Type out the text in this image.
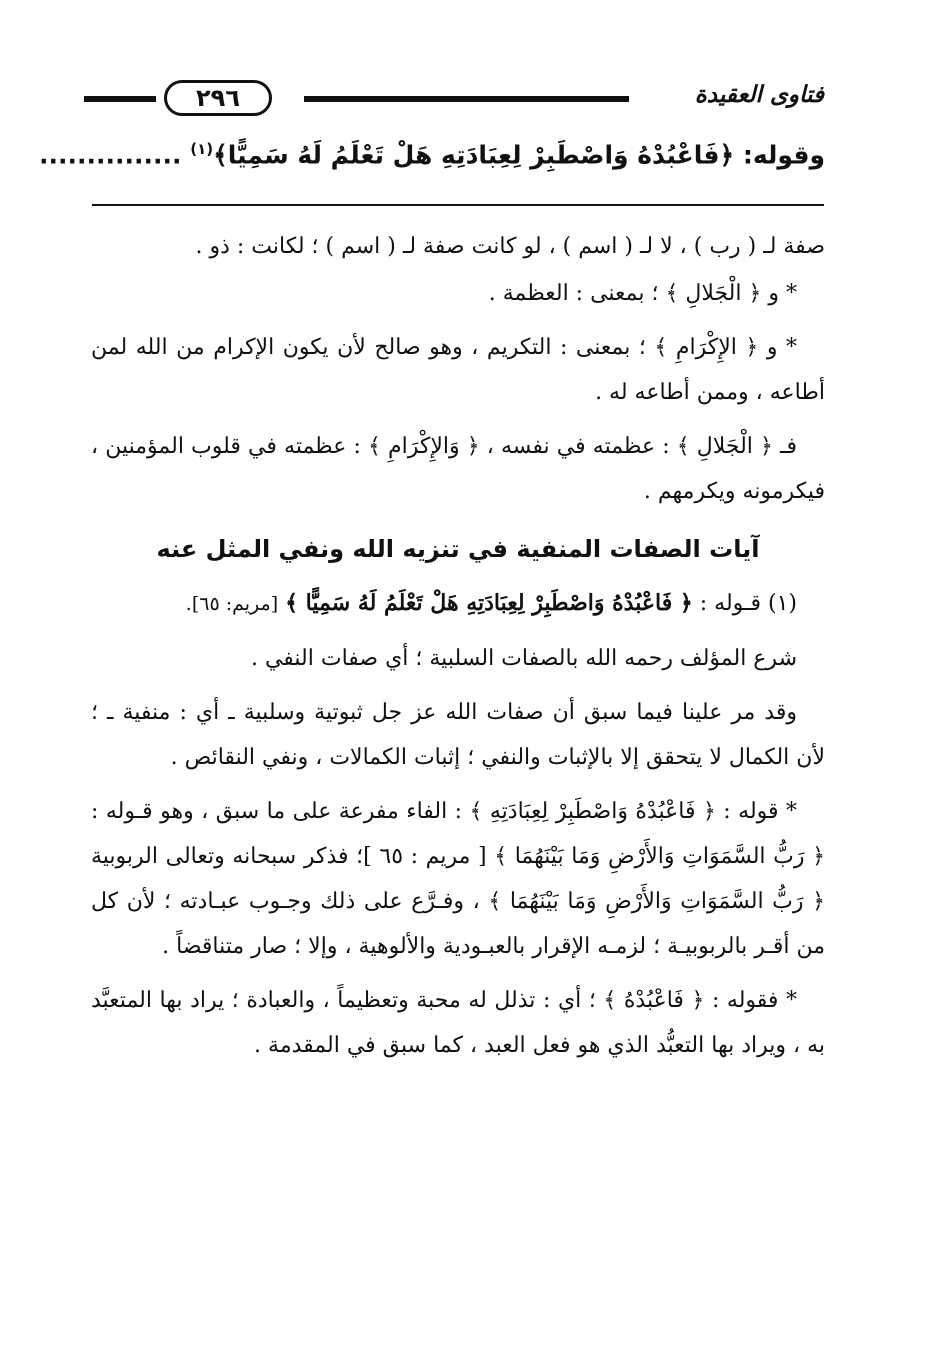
فتاوى العقيدة
٢٩٦
وقوله: ﴿فَاعْبُدْهُ وَاصْطَبِرْ لِعِبَادَتِهِ هَلْ تَعْلَمُ لَهُ سَمِيًّا﴾$^{(١)}$ ...............

صفة لـ ( رب ) ، لا لـ ( اسم ) ، لو كانت صفة لـ ( اسم ) ؛ لكانت : ذو .

* و ﴿ الْجَلالِ ﴾ ؛ بمعنى : العظمة .

* و ﴿ الإِكْرَامِ ﴾ ؛ بمعنى : التكريم ، وهو صالح لأن يكون الإكرام من الله لمن أطاعه ، وممن أطاعه له .

فـ ﴿ الْجَلالِ ﴾ : عظمته في نفسه ، ﴿ وَالإِكْرَامِ ﴾ : عظمته في قلوب المؤمنين ، فيكرمونه ويكرمهم .

آيات الصفات المنفية في تنزيه الله ونفي المثل عنه

(١) قـوله : ﴿ فَاعْبُدْهُ وَاصْطَبِرْ لِعِبَادَتِهِ هَلْ تَعْلَمُ لَهُ سَمِيًّا ﴾ [مريم: ٦٥].

شرع المؤلف رحمه الله بالصفات السلبية ؛ أي صفات النفي .

وقد مر علينا فيما سبق أن صفات الله عز جل ثبوتية وسلبية ـ أي : منفية ـ ؛ لأن الكمال لا يتحقق إلا بالإثبات والنفي ؛ إثبات الكمالات ، ونفي النقائص .

* قوله : ﴿ فَاعْبُدْهُ وَاصْطَبِرْ لِعِبَادَتِهِ ﴾ : الفاء مفرعة على ما سبق ، وهو قـوله : ﴿ رَبُّ السَّمَوَاتِ وَالأَرْضِ وَمَا بَيْنَهُمَا ﴾ [ مريم : ٦٥ ]؛ فذكر سبحانه وتعالى الربوبية ﴿ رَبُّ السَّمَوَاتِ وَالأَرْضِ وَمَا بَيْنَهُمَا ﴾ ، وفـرَّع على ذلك وجـوب عبـادته ؛ لأن كل من أقـر بالربوبيـة ؛ لزمـه الإقرار بالعبـودية والألوهية ، وإلا ؛ صار متناقضاً .

* فقوله : ﴿ فَاعْبُدْهُ ﴾ ؛ أي : تذلل له محبة وتعظيماً ، والعبادة ؛ يراد بها المتعبَّد به ، ويراد بها التعبُّد الذي هو فعل العبد ، كما سبق في المقدمة .
